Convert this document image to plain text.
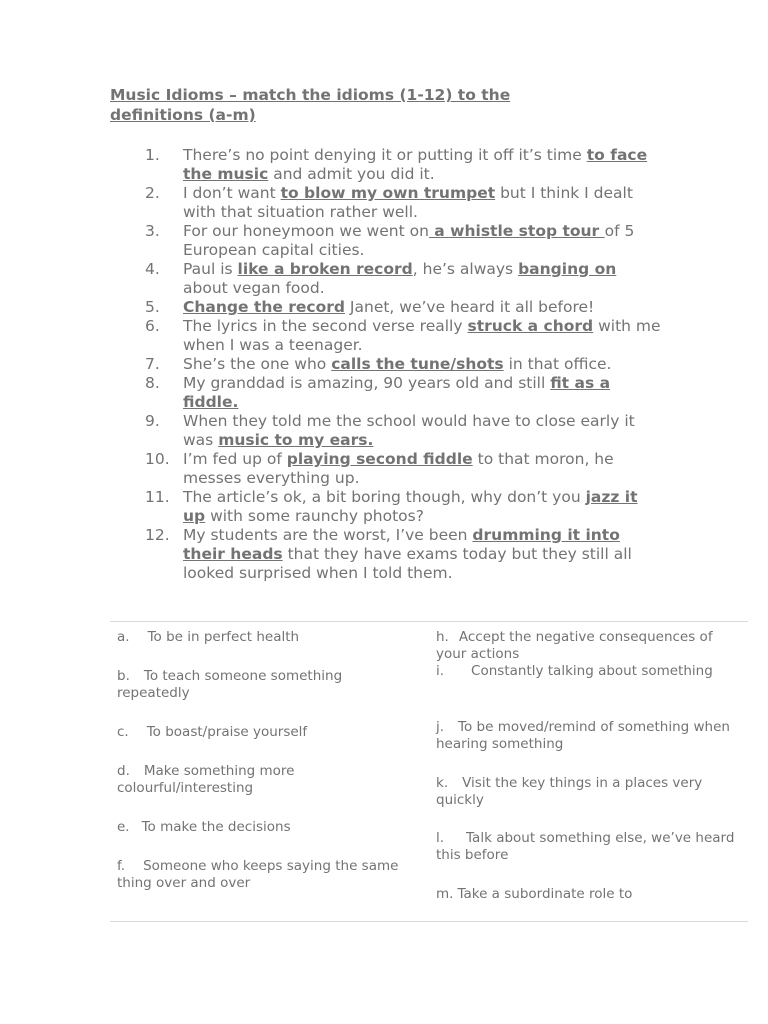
Music Idioms – match the idioms (1-12) to the definitions (a-m)
1. There’s no point denying it or putting it off it’s time to face the music and admit you did it.
2. I don’t want to blow my own trumpet but I think I dealt with that situation rather well.
3. For our honeymoon we went on a whistle stop tour of 5 European capital cities.
4. Paul is like a broken record, he’s always banging on about vegan food.
5. Change the record Janet, we’ve heard it all before!
6. The lyrics in the second verse really struck a chord with me when I was a teenager.
7. She’s the one who calls the tune/shots in that office.
8. My granddad is amazing, 90 years old and still fit as a fiddle.
9. When they told me the school would have to close early it was music to my ears.
10. I’m fed up of playing second fiddle to that moron, he messes everything up.
11. The article’s ok, a bit boring though, why don’t you jazz it up with some raunchy photos?
12. My students are the worst, I’ve been drumming it into their heads that they have exams today but they still all looked surprised when I told them.
a. To be in perfect health
b. To teach someone something repeatedly
c. To boast/praise yourself
d. Make something more colourful/interesting
e. To make the decisions
f. Someone who keeps saying the same thing over and over
h. Accept the negative consequences of your actions
i. Constantly talking about something
j. To be moved/remind of something when hearing something
k. Visit the key things in a places very quickly
l. Talk about something else, we’ve heard this before
m. Take a subordinate role to
